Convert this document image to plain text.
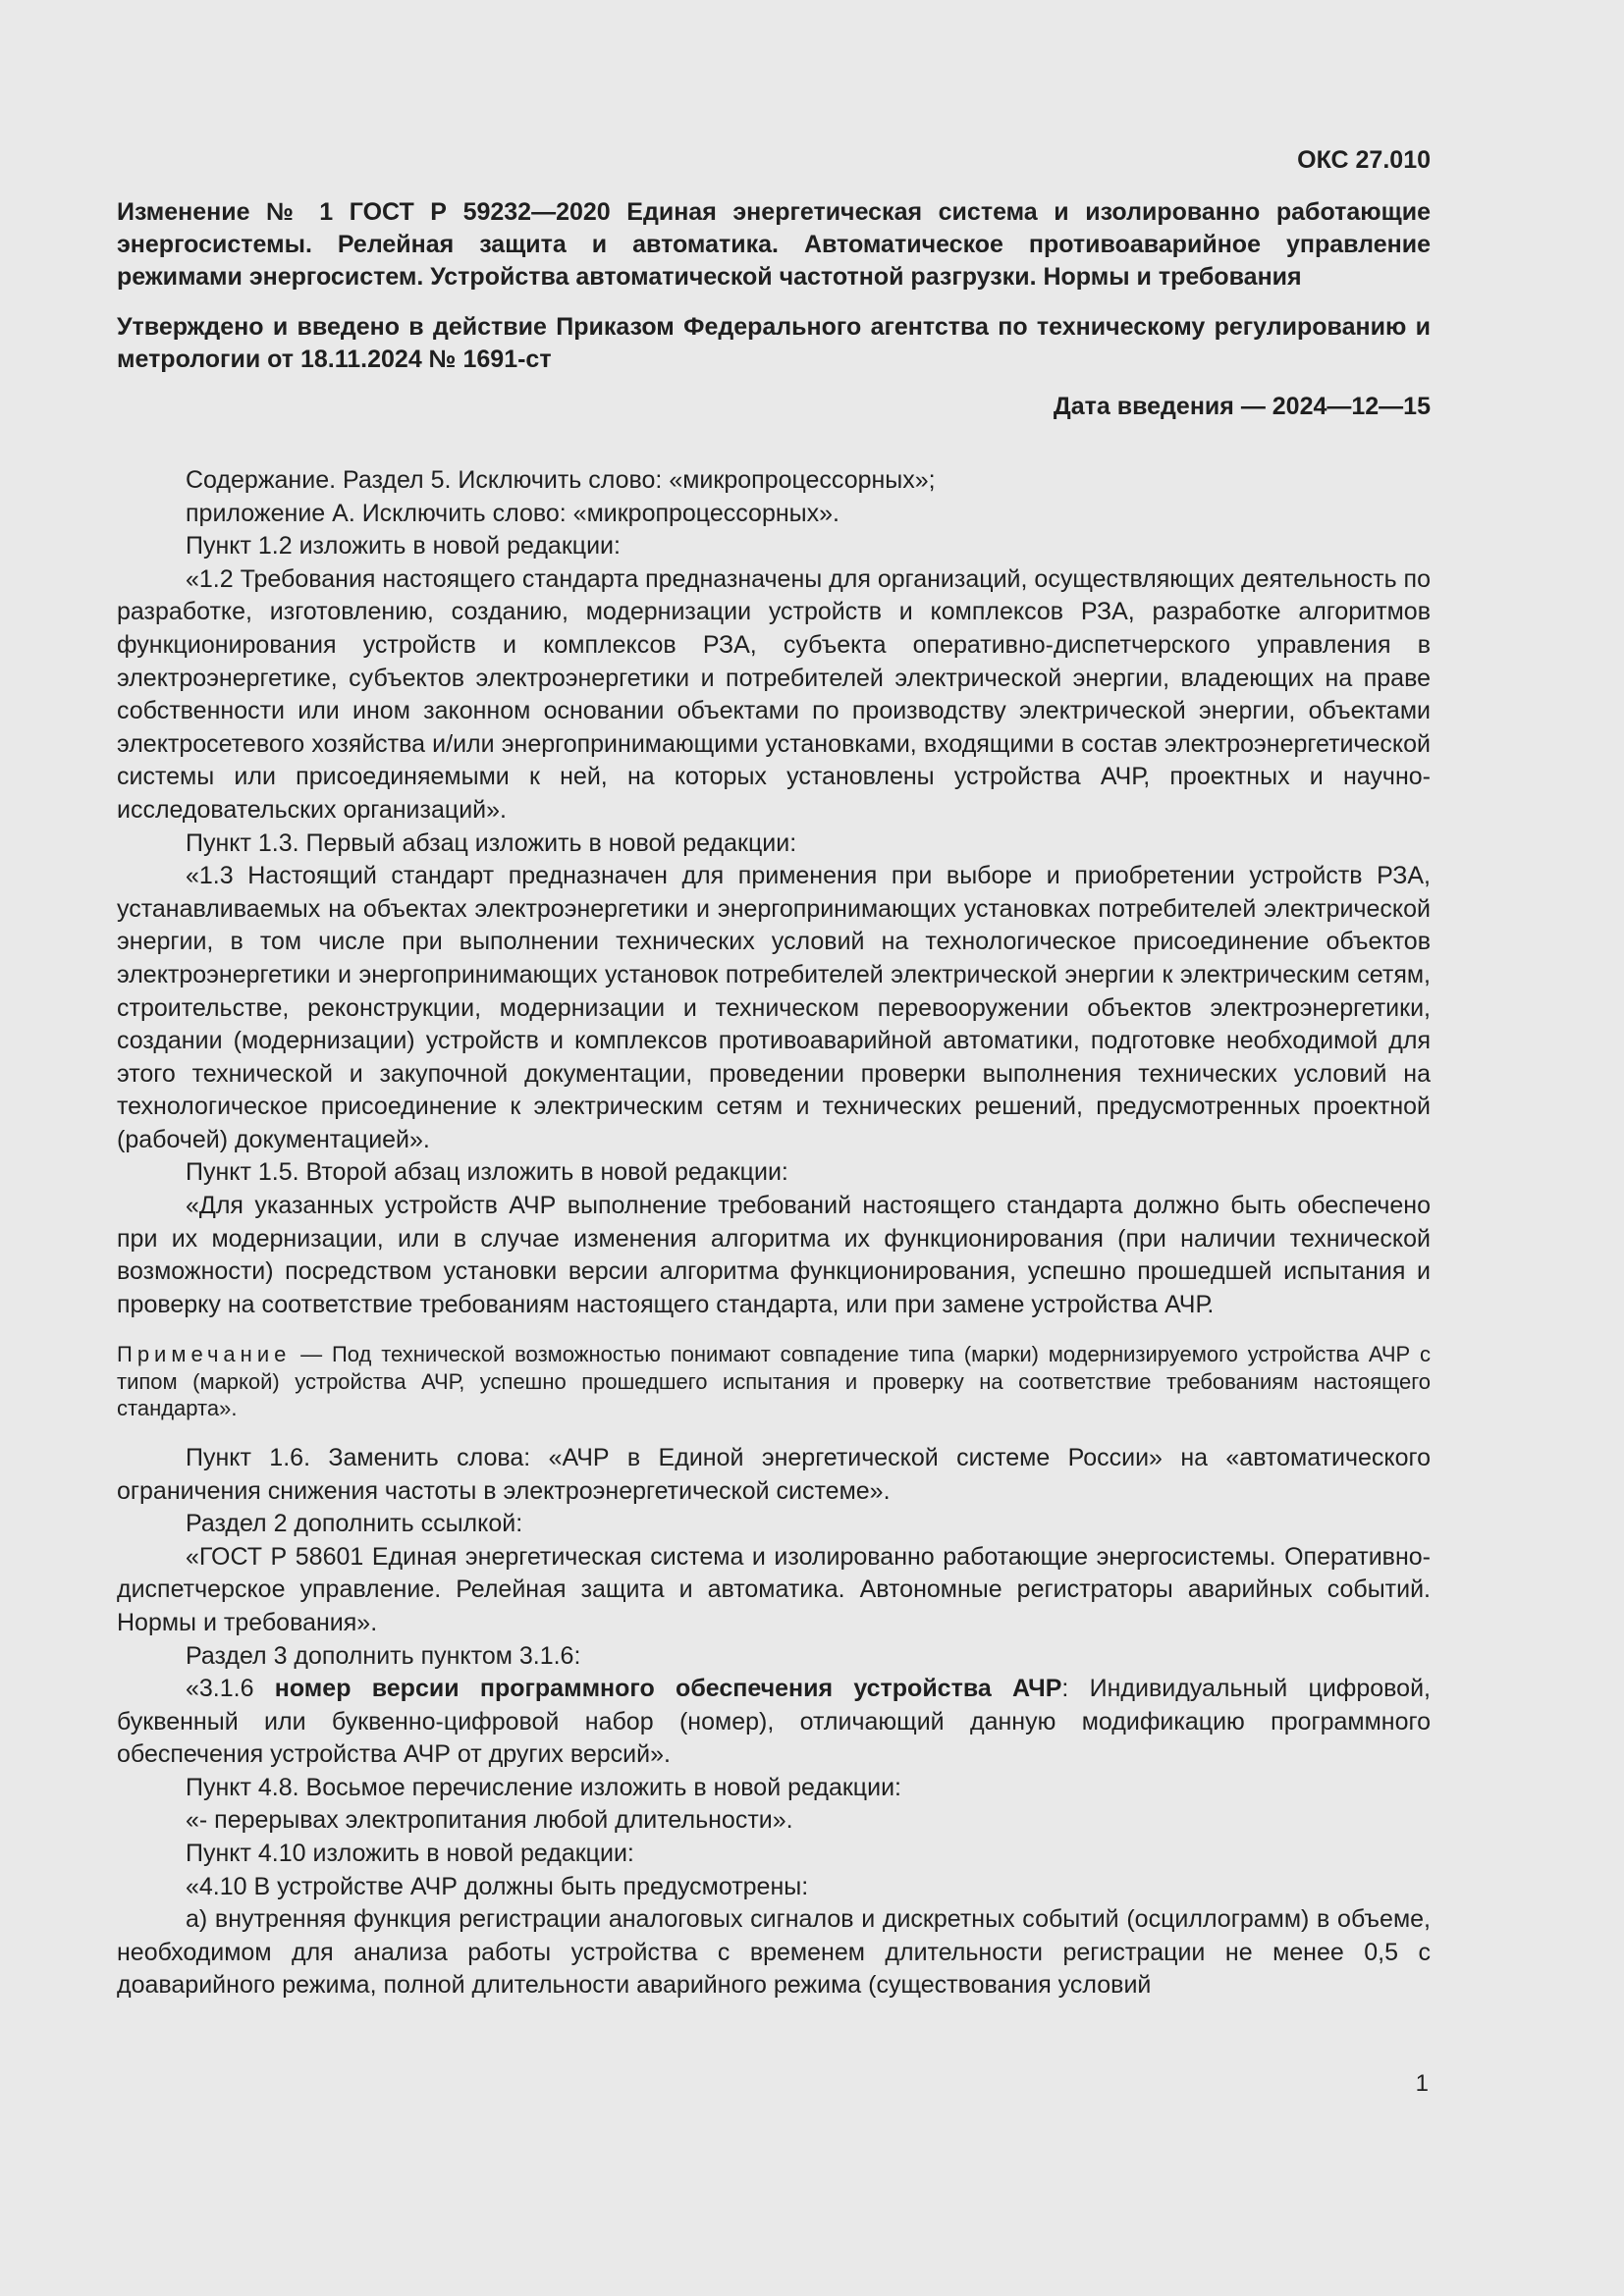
ОКС 27.010

Изменение № 1 ГОСТ Р 59232—2020 Единая энергетическая система и изолированно работающие энергосистемы. Релейная защита и автоматика. Автоматическое противоаварийное управление режимами энергосистем. Устройства автоматической частотной разгрузки. Нормы и требования

Утверждено и введено в действие Приказом Федерального агентства по техническому регулированию и метрологии от 18.11.2024 № 1691-ст

Дата введения — 2024—12—15

Содержание. Раздел 5. Исключить слово: «микропроцессорных»;

приложение А. Исключить слово: «микропроцессорных».

Пункт 1.2 изложить в новой редакции:

«1.2 Требования настоящего стандарта предназначены для организаций, осуществляющих деятельность по разработке, изготовлению, созданию, модернизации устройств и комплексов РЗА, разработке алгоритмов функционирования устройств и комплексов РЗА, субъекта оперативно-диспетчерского управления в электроэнергетике, субъектов электроэнергетики и потребителей электрической энергии, владеющих на праве собственности или ином законном основании объектами по производству электрической энергии, объектами электросетевого хозяйства и/или энергопринимающими установками, входящими в состав электроэнергетической системы или присоединяемыми к ней, на которых установлены устройства АЧР, проектных и научно-исследовательских организаций».

Пункт 1.3. Первый абзац изложить в новой редакции:

«1.3 Настоящий стандарт предназначен для применения при выборе и приобретении устройств РЗА, устанавливаемых на объектах электроэнергетики и энергопринимающих установках потребителей электрической энергии, в том числе при выполнении технических условий на технологическое присоединение объектов электроэнергетики и энергопринимающих установок потребителей электрической энергии к электрическим сетям, строительстве, реконструкции, модернизации и техническом перевооружении объектов электроэнергетики, создании (модернизации) устройств и комплексов противоаварийной автоматики, подготовке необходимой для этого технической и закупочной документации, проведении проверки выполнения технических условий на технологическое присоединение к электрическим сетям и технических решений, предусмотренных проектной (рабочей) документацией».

Пункт 1.5. Второй абзац изложить в новой редакции:

«Для указанных устройств АЧР выполнение требований настоящего стандарта должно быть обеспечено при их модернизации, или в случае изменения алгоритма их функционирования (при наличии технической возможности) посредством установки версии алгоритма функционирования, успешно прошедшей испытания и проверку на соответствие требованиям настоящего стандарта, или при замене устройства АЧР.

Примечание — Под технической возможностью понимают совпадение типа (марки) модернизируемого устройства АЧР с типом (маркой) устройства АЧР, успешно прошедшего испытания и проверку на соответствие требованиям настоящего стандарта».

Пункт 1.6. Заменить слова: «АЧР в Единой энергетической системе России» на «автоматического ограничения снижения частоты в электроэнергетической системе».

Раздел 2 дополнить ссылкой:

«ГОСТ Р 58601 Единая энергетическая система и изолированно работающие энергосистемы. Оперативно-диспетчерское управление. Релейная защита и автоматика. Автономные регистраторы аварийных событий. Нормы и требования».

Раздел 3 дополнить пунктом 3.1.6:

«3.1.6 номер версии программного обеспечения устройства АЧР: Индивидуальный цифровой, буквенный или буквенно-цифровой набор (номер), отличающий данную модификацию программного обеспечения устройства АЧР от других версий».

Пункт 4.8. Восьмое перечисление изложить в новой редакции:

«- перерывах электропитания любой длительности».

Пункт 4.10 изложить в новой редакции:

«4.10 В устройстве АЧР должны быть предусмотрены:

а) внутренняя функция регистрации аналоговых сигналов и дискретных событий (осциллограмм) в объеме, необходимом для анализа работы устройства с временем длительности регистрации не менее 0,5 с доаварийного режима, полной длительности аварийного режима (существования условий

1
